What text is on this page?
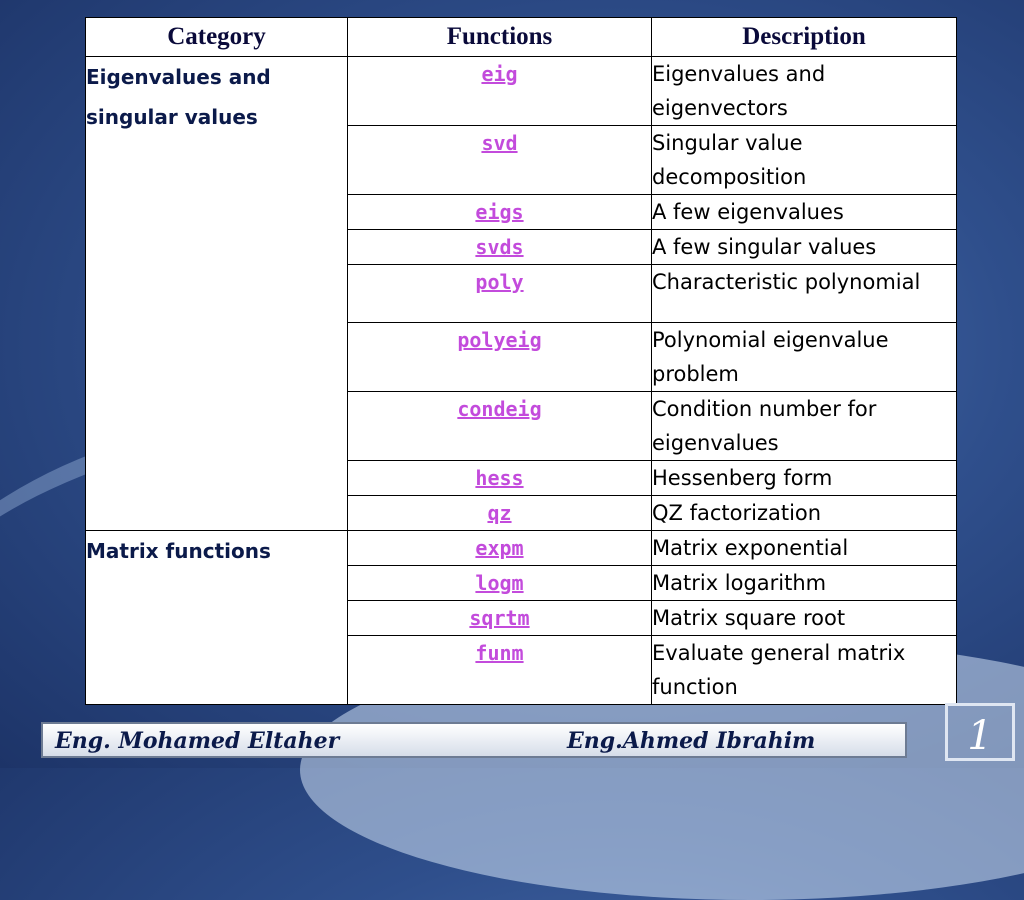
Category	Functions	Description
Eigenvalues and singular values	eig	Eigenvalues and eigenvectors
	svd	Singular value decomposition
	eigs	A few eigenvalues
	svds	A few singular values
	poly	Characteristic polynomial
	polyeig	Polynomial eigenvalue problem
	condeig	Condition number for eigenvalues
	hess	Hessenberg form
	qz	QZ factorization
Matrix functions	expm	Matrix exponential
	logm	Matrix logarithm
	sqrtm	Matrix square root
	funm	Evaluate general matrix function
Eng. Mohamed Eltaher	Eng.Ahmed Ibrahim	1
